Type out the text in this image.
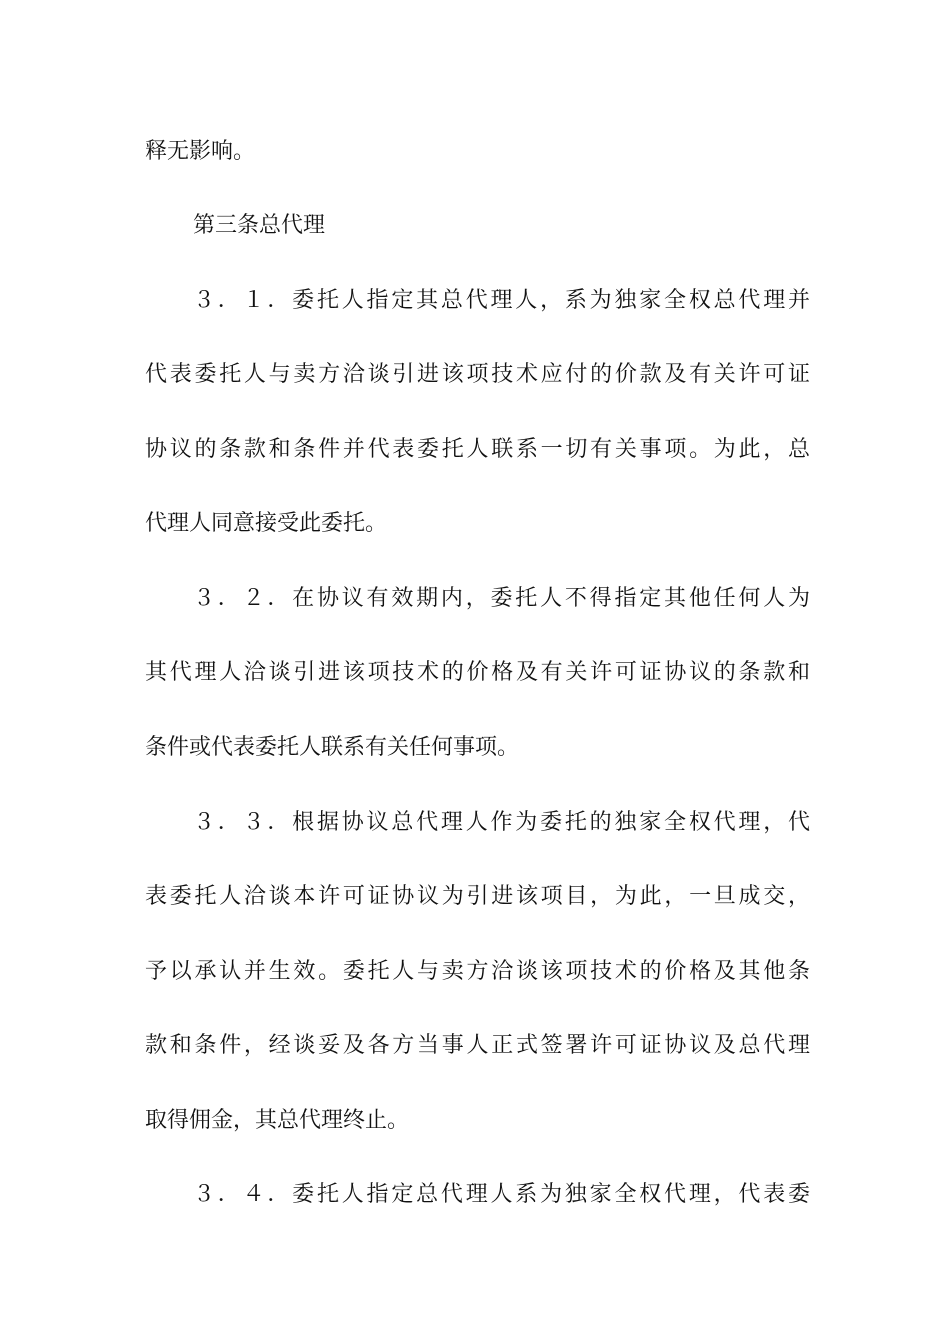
释无影响。

第三条总代理

３．１．委托人指定其总代理人，系为独家全权总代理并

代表委托人与卖方洽谈引进该项技术应付的价款及有关许可证

协议的条款和条件并代表委托人联系一切有关事项。为此，总

代理人同意接受此委托。

３．２．在协议有效期内，委托人不得指定其他任何人为

其代理人洽谈引进该项技术的价格及有关许可证协议的条款和

条件或代表委托人联系有关任何事项。

３．３．根据协议总代理人作为委托的独家全权代理，代

表委托人洽谈本许可证协议为引进该项目，为此，一旦成交，

予以承认并生效。委托人与卖方洽谈该项技术的价格及其他条

款和条件，经谈妥及各方当事人正式签署许可证协议及总代理

取得佣金，其总代理终止。

３．４．委托人指定总代理人系为独家全权代理，代表委
